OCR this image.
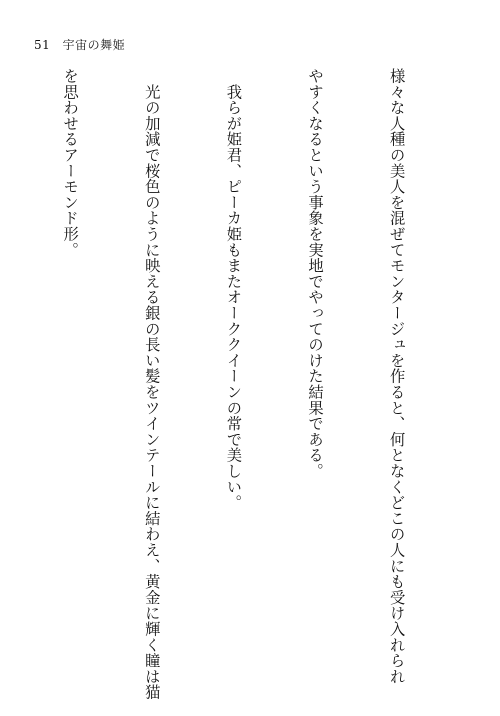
51 宇宙の舞姫

様々な人種の美人を混ぜてモンタージュを作ると、何となくどこの人にも受け入れられ

やすくなるという事象を実地でやってのけた結果である。

　我らが姫君、ピーカ姫もまたオーククイーンの常で美しい。

　光の加減で桜色のように映える銀の長い髪をツインテールに結わえ、黄金に輝く瞳は猫

を思わせるアーモンド形。
